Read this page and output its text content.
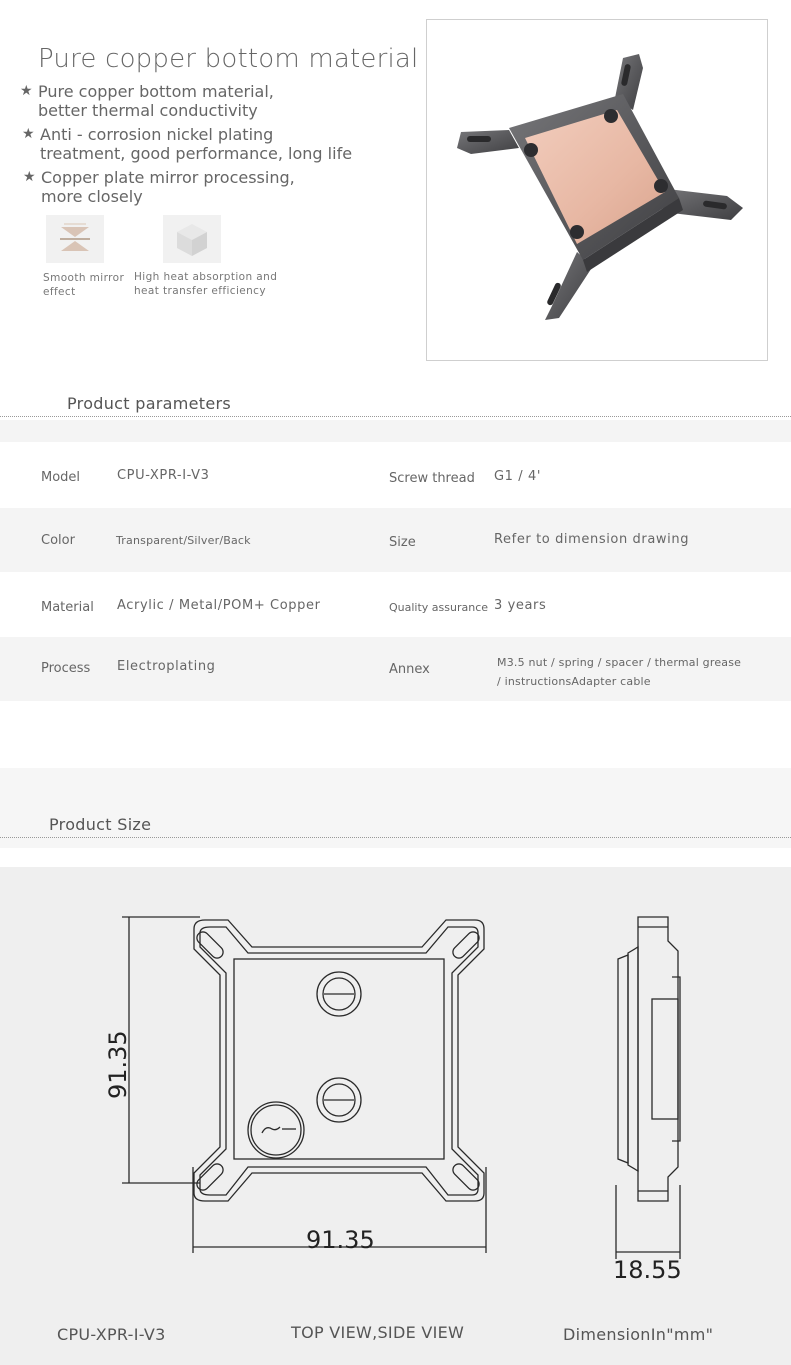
Pure copper bottom material
★ Pure copper bottom material,
better thermal conductivity
★ Anti - corrosion nickel plating
treatment, good performance, long life
★ Copper plate mirror processing,
more closely
Smooth mirror
effect
High heat absorption and
heat transfer efficiency
Product parameters
Model	CPU-XPR-I-V3	Screw thread G1 / 4'
Color	Transparent/Silver/Back	Size	Refer to dimension drawing
Material Acrylic / Metal/POM+ Copper	Quality assurance 3 years
Process Electroplating	Annex	M3.5 nut / spring / spacer / thermal grease
/ instructionsAdapter cable
Product Size
91.35
91.35
18.55
CPU-XPR-I-V3	TOP VIEW,SIDE VIEW	DimensionIn"mm"
